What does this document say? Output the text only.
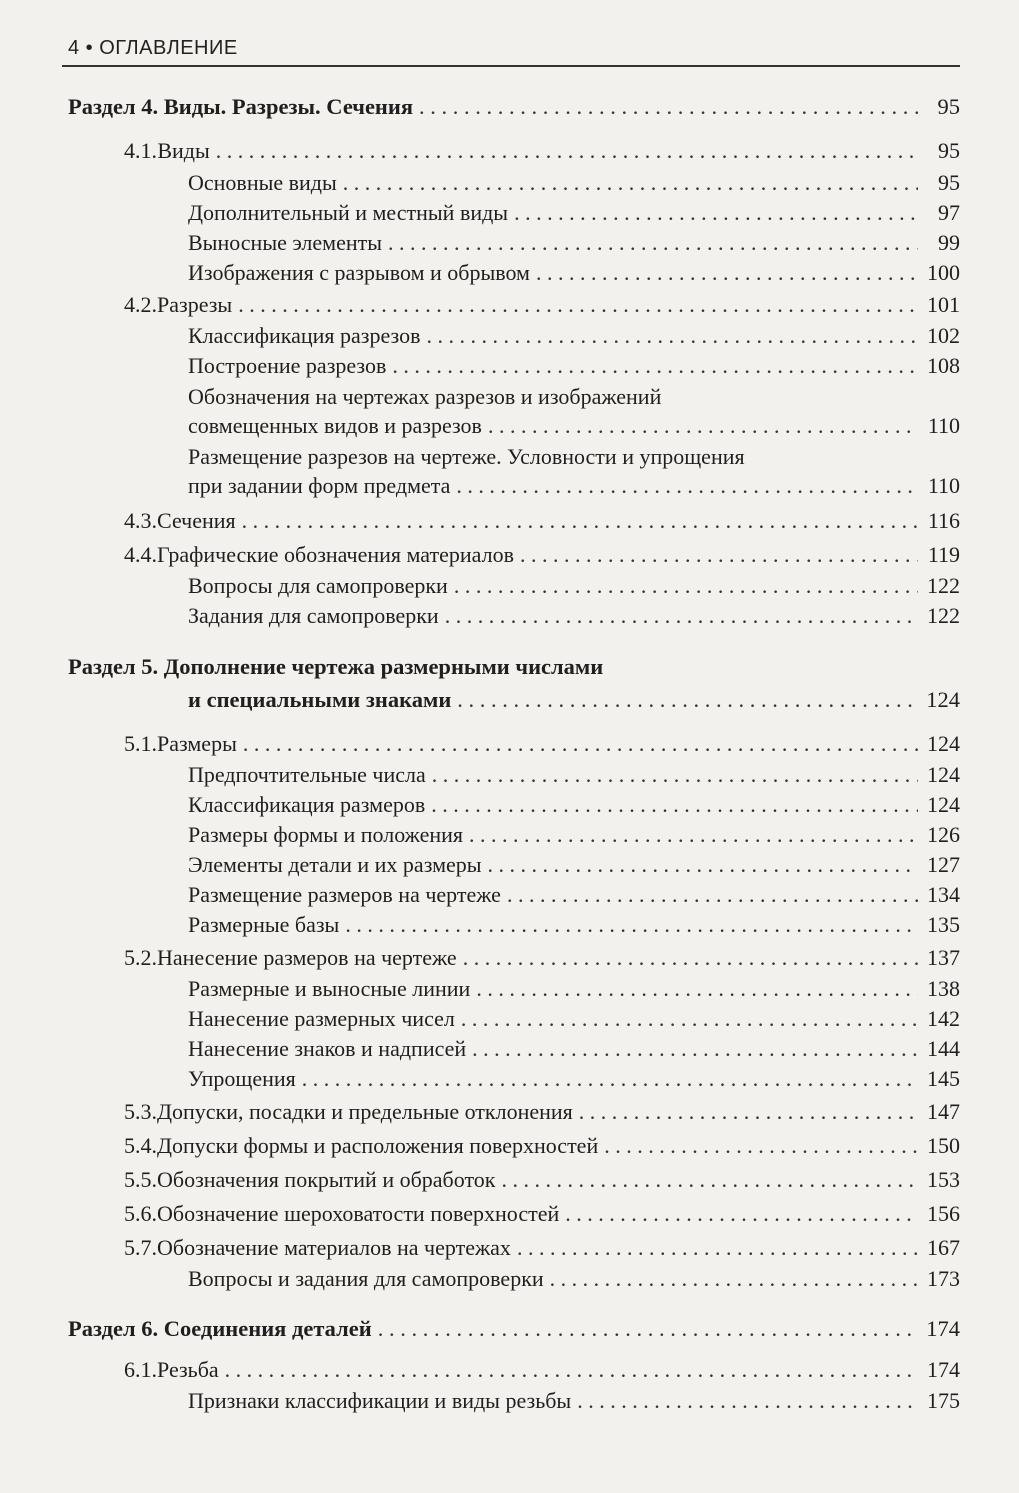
4 • ОГЛАВЛЕНИЕ
Раздел 4. Виды. Разрезы. Сечения . . .	95
4.1. Виды . . .	95
Основные виды . . .	95
Дополнительный и местный виды . . .	97
Выносные элементы . . .	99
Изображения с разрывом и обрывом . . .	100
4.2. Разрезы . . .	101
Классификация разрезов . . .	102
Построение разрезов . . .	108
Обозначения на чертежах разрезов и изображений
совмещенных видов и разрезов . . .	110
Размещение разрезов на чертеже. Условности и упрощения
при задании форм предмета . . .	110
4.3. Сечения . . .	116
4.4. Графические обозначения материалов . . .	119
Вопросы для самопроверки . . .	122
Задания для самопроверки . . .	122
Раздел 5. Дополнение чертежа размерными числами
и специальными знаками . . .	124
5.1. Размеры . . .	124
Предпочтительные числа . . .	124
Классификация размеров . . .	124
Размеры формы и положения . . .	126
Элементы детали и их размеры . . .	127
Размещение размеров на чертеже . . .	134
Размерные базы . . .	135
5.2. Нанесение размеров на чертеже . . .	137
Размерные и выносные линии . . .	138
Нанесение размерных чисел . . .	142
Нанесение знаков и надписей . . .	144
Упрощения . . .	145
5.3. Допуски, посадки и предельные отклонения . . .	147
5.4. Допуски формы и расположения поверхностей . . .	150
5.5. Обозначения покрытий и обработок . . .	153
5.6. Обозначение шероховатости поверхностей . . .	156
5.7. Обозначение материалов на чертежах . . .	167
Вопросы и задания для самопроверки . . .	173
Раздел 6. Соединения деталей . . .	174
6.1. Резьба . . .	174
Признаки классификации и виды резьбы . . .	175
